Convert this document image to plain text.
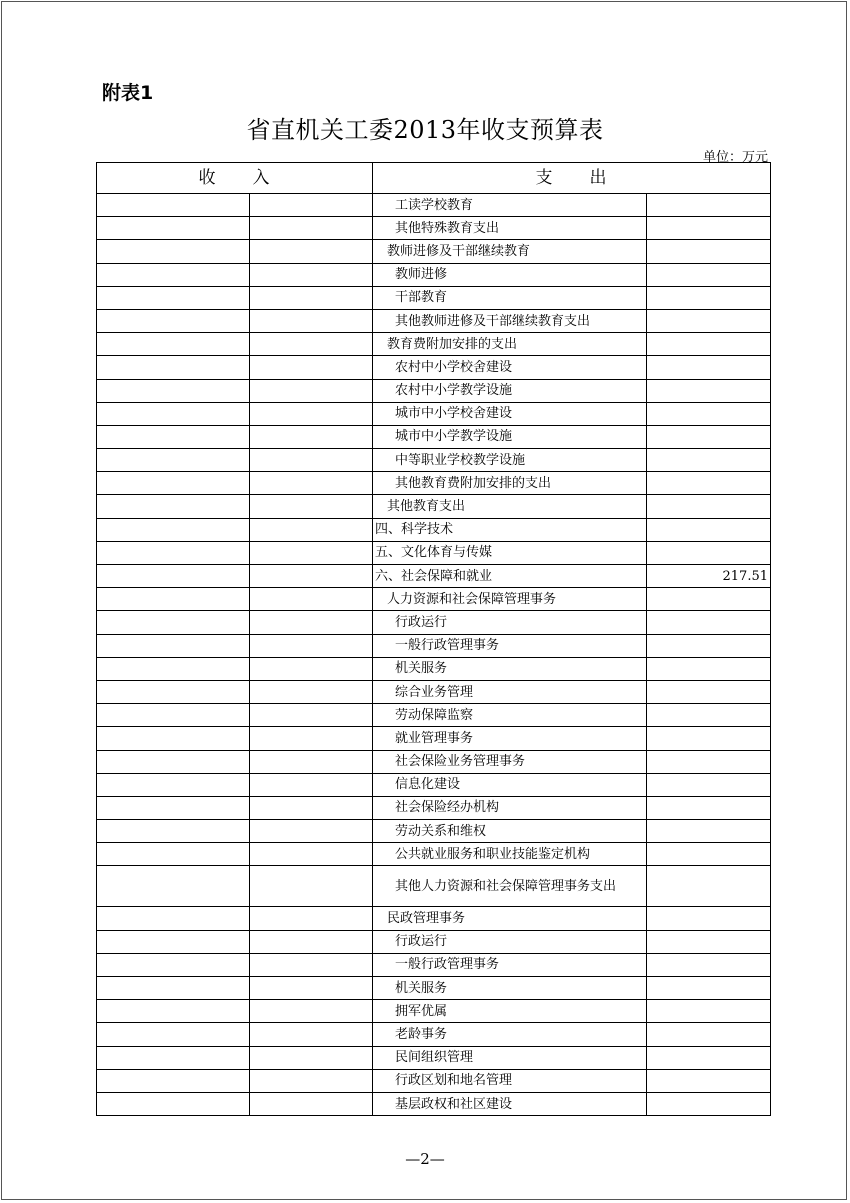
附表1
省直机关工委2013年收支预算表
单位：万元
收　　入		支　　出	
		工读学校教育	
		其他特殊教育支出	
		教师进修及干部继续教育	
		教师进修	
		干部教育	
		其他教师进修及干部继续教育支出	
		教育费附加安排的支出	
		农村中小学校舍建设	
		农村中小学教学设施	
		城市中小学校舍建设	
		城市中小学教学设施	
		中等职业学校教学设施	
		其他教育费附加安排的支出	
		其他教育支出	
		四、科学技术	
		五、文化体育与传媒	
		六、社会保障和就业	217.51
		人力资源和社会保障管理事务	
		行政运行	
		一般行政管理事务	
		机关服务	
		综合业务管理	
		劳动保障监察	
		就业管理事务	
		社会保险业务管理事务	
		信息化建设	
		社会保险经办机构	
		劳动关系和维权	
		公共就业服务和职业技能鉴定机构	
		其他人力资源和社会保障管理事务支出	
		民政管理事务	
		行政运行	
		一般行政管理事务	
		机关服务	
		拥军优属	
		老龄事务	
		民间组织管理	
		行政区划和地名管理	
		基层政权和社区建设	
—2—
